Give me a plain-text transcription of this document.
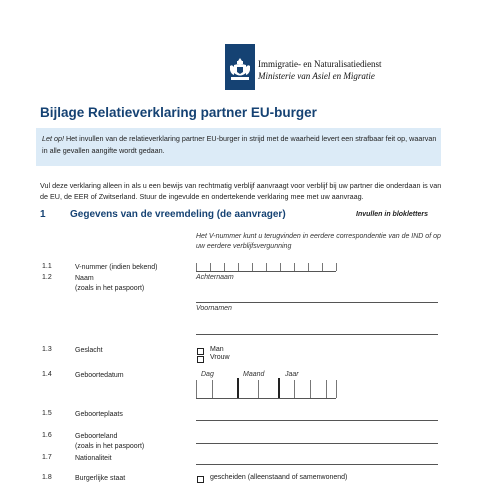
Immigratie- en Naturalisatiedienst
Ministerie van Asiel en Migratie
Bijlage Relatieverklaring partner EU-burger
Let op! Het invullen van de relatieverklaring partner EU-burger in strijd met de waarheid levert een strafbaar feit op, waarvan in alle gevallen aangifte wordt gedaan.
Vul deze verklaring alleen in als u een bewijs van rechtmatig verblijf aanvraagt voor verblijf bij uw partner die onderdaan is van de EU, de EER of Zwitserland. Stuur de ingevulde en ondertekende verklaring mee met uw aanvraag.
1 Gegevens van de vreemdeling (de aanvrager)	Invullen in blokletters
Het V-nummer kunt u terugvinden in eerdere correspondentie van de IND of op uw eerdere verblijfsvergunning
1.1	V-nummer (indien bekend)
1.2	Naam
(zoals in het paspoort)
Achternaam
Voornamen
1.3	Geslacht	Man
Vrouw
1.4	Geboortedatum	Dag	Maand	Jaar
1.5	Geboorteplaats
1.6	Geboorteland
(zoals in het paspoort)
1.7	Nationaliteit
1.8	Burgerlijke staat	gescheiden (alleenstaand of samenwonend)
